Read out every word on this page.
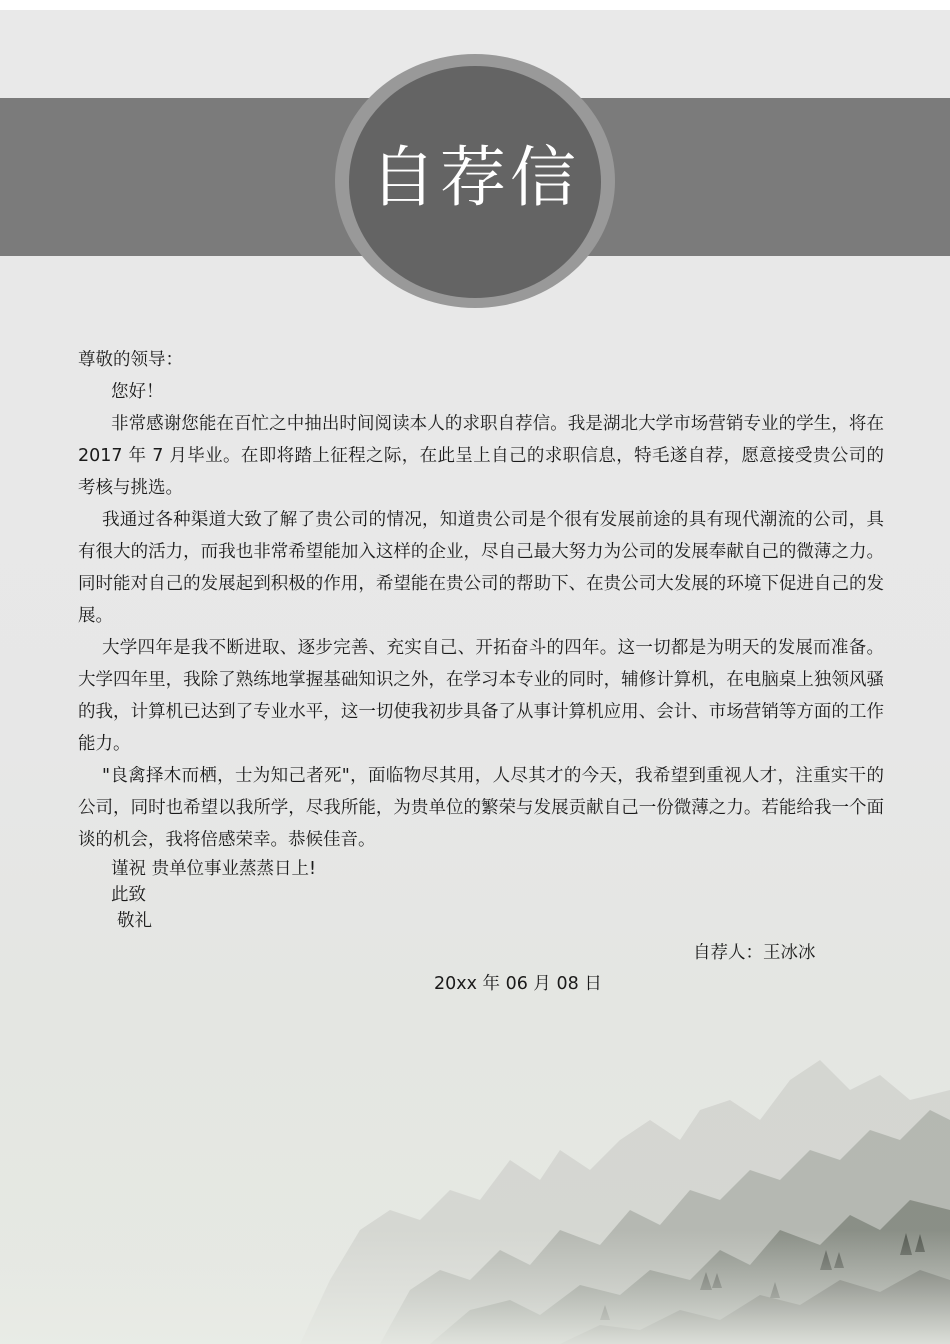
自荐信

尊敬的领导：

您好！

非常感谢您能在百忙之中抽出时间阅读本人的求职自荐信。我是湖北大学市场营销专业的学生，将在 2017 年 7 月毕业。在即将踏上征程之际，在此呈上自己的求职信息，特毛遂自荐，愿意接受贵公司的考核与挑选。

我通过各种渠道大致了解了贵公司的情况，知道贵公司是个很有发展前途的具有现代潮流的公司，具有很大的活力，而我也非常希望能加入这样的企业，尽自己最大努力为公司的发展奉献自己的微薄之力。同时能对自己的发展起到积极的作用，希望能在贵公司的帮助下、在贵公司大发展的环境下促进自己的发展。

大学四年是我不断进取、逐步完善、充实自己、开拓奋斗的四年。这一切都是为明天的发展而准备。大学四年里，我除了熟练地掌握基础知识之外，在学习本专业的同时，辅修计算机，在电脑桌上独领风骚的我，计算机已达到了专业水平，这一切使我初步具备了从事计算机应用、会计、市场营销等方面的工作能力。

"良禽择木而栖，士为知己者死"，面临物尽其用，人尽其才的今天，我希望到重视人才，注重实干的公司，同时也希望以我所学，尽我所能，为贵单位的繁荣与发展贡献自己一份微薄之力。若能给我一个面谈的机会，我将倍感荣幸。恭候佳音。

谨祝 贵单位事业蒸蒸日上!
此致
敬礼
自荐人：王冰冰
20xx 年 06 月 08 日
